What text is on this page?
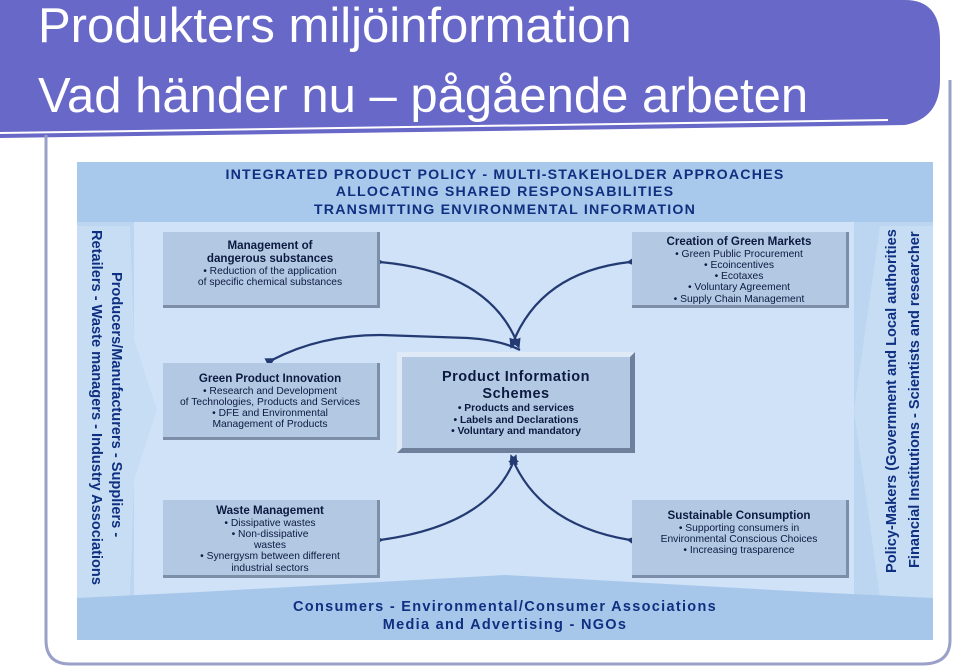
Produkters miljöinformation
Vad händer nu – pågående arbeten
INTEGRATED PRODUCT POLICY - MULTI-STAKEHOLDER APPROACHES
ALLOCATING SHARED RESPONSABILITIES
TRANSMITTING ENVIRONMENTAL INFORMATION
Consumers - Environmental/Consumer Associations
Media and Advertising - NGOs
Producers/Manufacturers - Suppliers -
Retailers - Waste managers - Industry Associations	Policy-Makers (Government and Local authorities Financial Institutions - Scientists and researcher
Management of
dangerous substances
• Reduction of the application
of specific chemical substances
Creation of Green Markets
• Green Public Procurement
• Ecoincentives
• Ecotaxes
• Voluntary Agreement
• Supply Chain Management
Green Product Innovation
• Research and Development
of Technologies, Products and Services
• DFE and Environmental
Management of Products
Waste Management
• Dissipative wastes
• Non-dissipative
wastes
• Synergysm between different
industrial sectors
Sustainable Consumption
• Supporting consumers in
Environmental Conscious Choices
• Increasing trasparence
Product Information
Schemes
• Products and services
• Labels and Declarations
• Voluntary and mandatory
